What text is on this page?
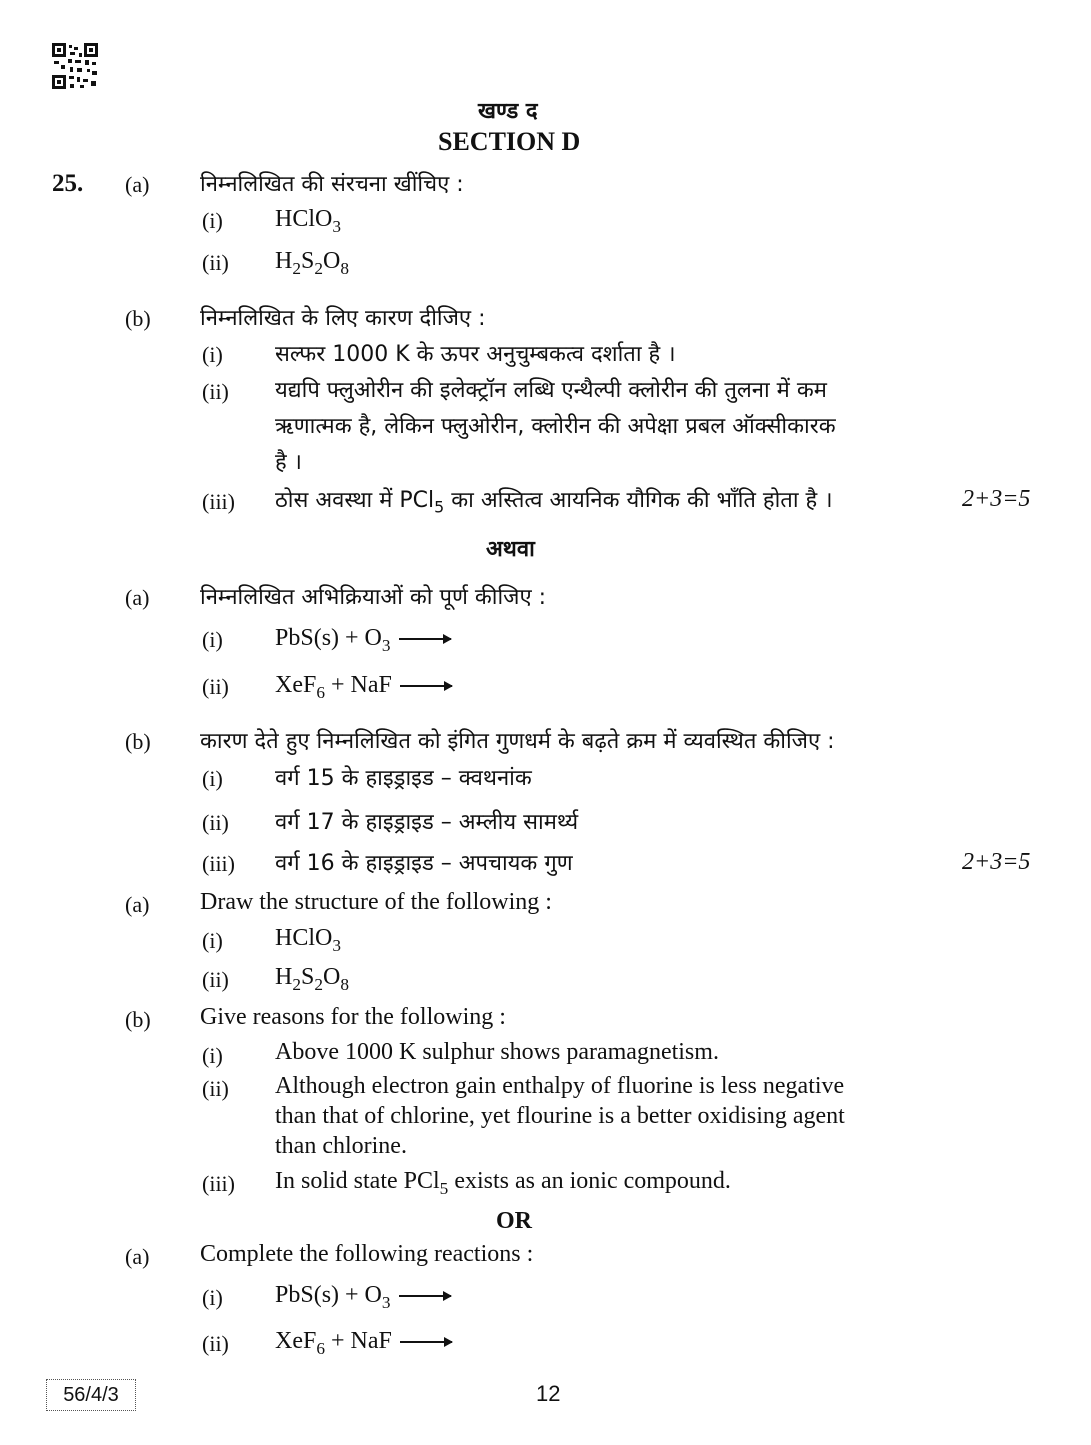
खण्ड द
SECTION D
25. (a) निम्नलिखित की संरचना खींचिए :
(i) HClO$_3$
(ii) $H_2S_2O_8$
(b) निम्नलिखित के लिए कारण दीजिए :
(i) सल्फर 1000 K के ऊपर अनुचुम्बकत्व दर्शाता है ।
(ii) यद्यपि फ्लुओरीन की इलेक्ट्रॉन लब्धि एन्थैल्पी क्लोरीन की तुलना में कम
ऋणात्मक है, लेकिन फ्लुओरीन, क्लोरीन की अपेक्षा प्रबल ऑक्सीकारक
है ।
(iii) ठोस अवस्था में PCl$_5$ का अस्तित्व आयनिक यौगिक की भाँति होता है ।	2+3=5
अथवा
(a) निम्नलिखित अभिक्रियाओं को पूर्ण कीजिए :
(i) $PbS(s) + O_3$
(ii) XeF$_6$ + NaF
(b) कारण देते हुए निम्नलिखित को इंगित गुणधर्म के बढ़ते क्रम में व्यवस्थित कीजिए :
(i) वर्ग 15 के हाइड्राइड – क्वथनांक
(ii) वर्ग 17 के हाइड्राइड – अम्लीय सामर्थ्य
(iii) वर्ग 16 के हाइड्राइड – अपचायक गुण	2+3=5
(a) Draw the structure of the following :
(i) HClO$_3$
(ii) $H_2S_2O_8$
(b) Give reasons for the following :
(i) Above 1000 K sulphur shows paramagnetism.
(ii) Although electron gain enthalpy of fluorine is less negative
than that of chlorine, yet flourine is a better oxidising agent
than chlorine.
(iii) In solid state PCl$_5$ exists as an ionic compound.
OR
(a) Complete the following reactions :
(i) $PbS(s) + O_3$
(ii) XeF$_6$ + NaF
56/4/3	12
